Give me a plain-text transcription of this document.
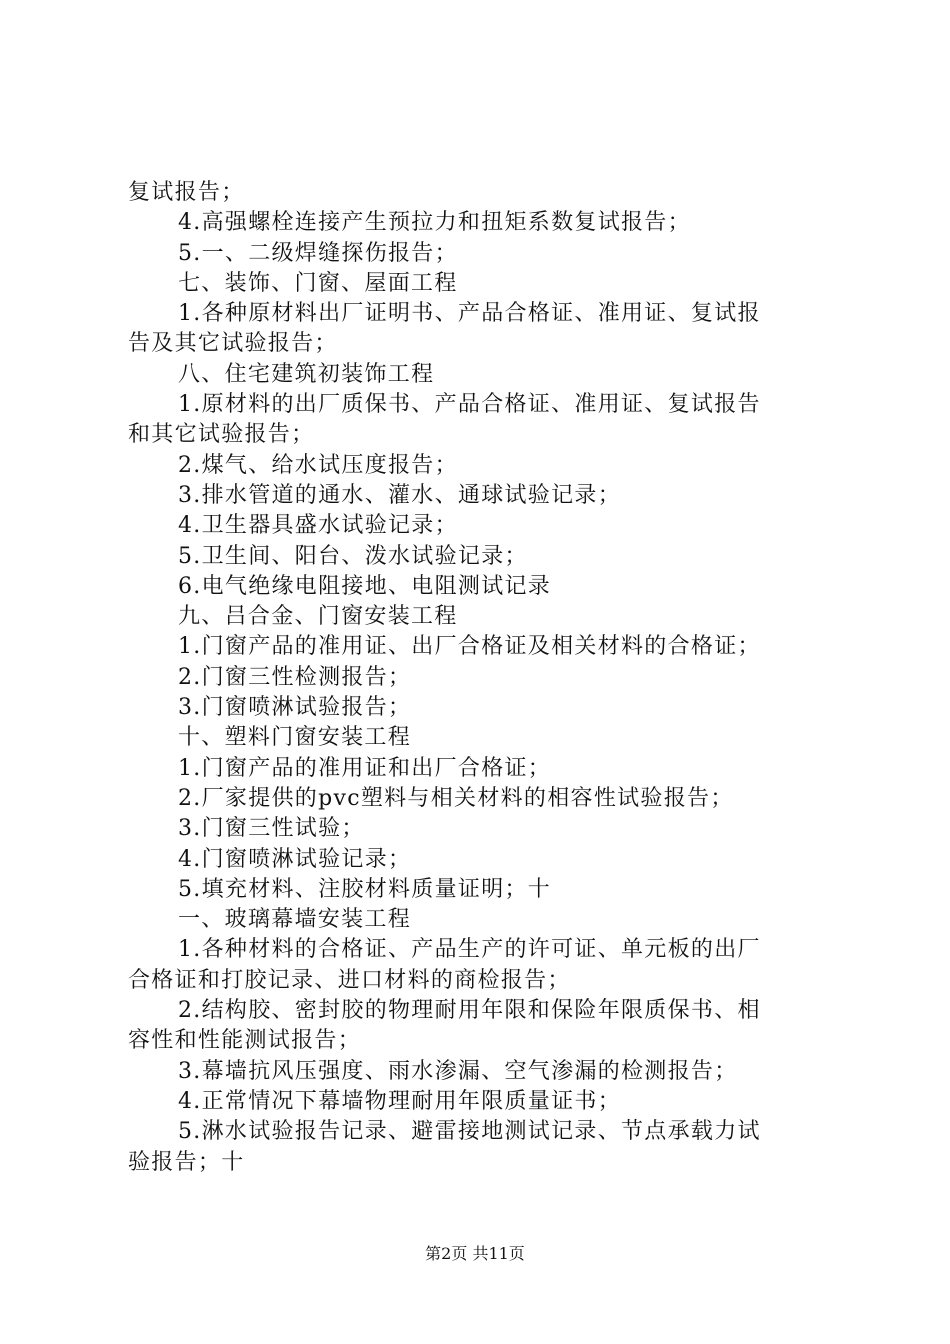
复试报告；
4.高强螺栓连接产生预拉力和扭矩系数复试报告；
5.一、二级焊缝探伤报告；
七、装饰、门窗、屋面工程
1.各种原材料出厂证明书、产品合格证、准用证、复试报
告及其它试验报告；
八、住宅建筑初装饰工程
1.原材料的出厂质保书、产品合格证、准用证、复试报告
和其它试验报告；
2.煤气、给水试压度报告；
3.排水管道的通水、灌水、通球试验记录；
4.卫生器具盛水试验记录；
5.卫生间、阳台、泼水试验记录；
6.电气绝缘电阻接地、电阻测试记录
九、吕合金、门窗安装工程
1.门窗产品的准用证、出厂合格证及相关材料的合格证；
2.门窗三性检测报告；
3.门窗喷淋试验报告；
十、塑料门窗安装工程
1.门窗产品的准用证和出厂合格证；
2.厂家提供的pvc塑料与相关材料的相容性试验报告；
3.门窗三性试验；
4.门窗喷淋试验记录；
5.填充材料、注胶材料质量证明；十
一、玻璃幕墙安装工程
1.各种材料的合格证、产品生产的许可证、单元板的出厂
合格证和打胶记录、进口材料的商检报告；
2.结构胶、密封胶的物理耐用年限和保险年限质保书、相
容性和性能测试报告；
3.幕墙抗风压强度、雨水渗漏、空气渗漏的检测报告；
4.正常情况下幕墙物理耐用年限质量证书；
5.淋水试验报告记录、避雷接地测试记录、节点承载力试
验报告；十
第2页 共11页
